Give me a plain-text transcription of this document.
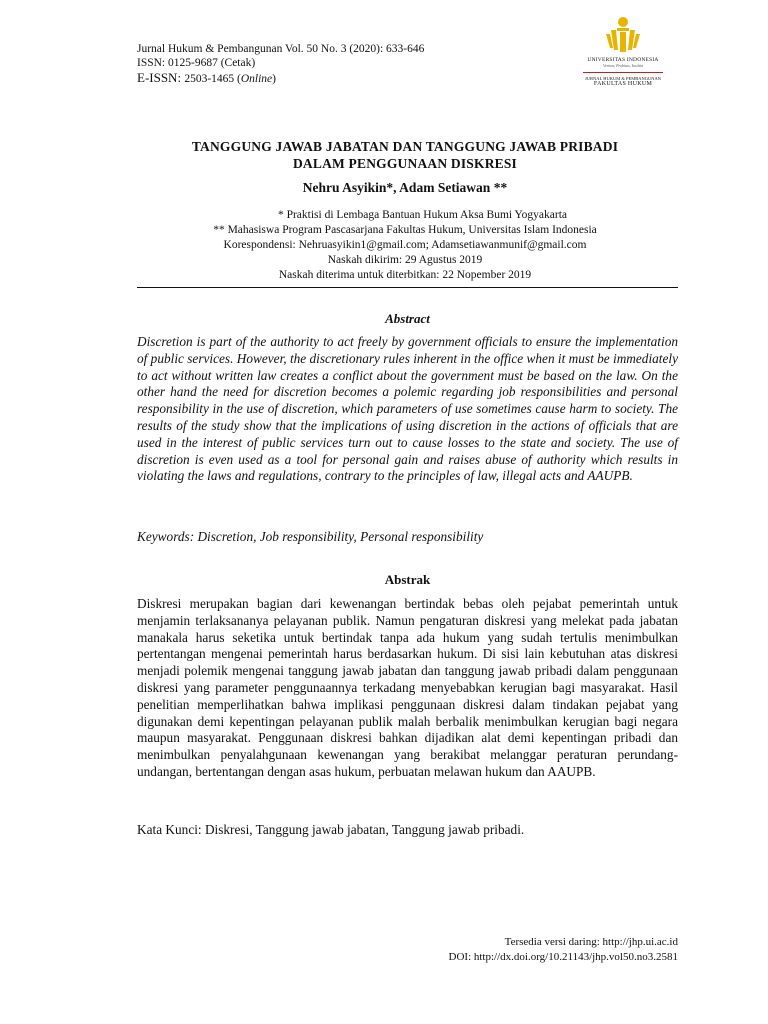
Jurnal Hukum & Pembangunan Vol. 50 No. 3 (2020): 633-646
ISSN: 0125-9687 (Cetak)
E-ISSN: 2503-1465 (Online)
UNIVERSITAS INDONESIA
Veritas, Probitas, Iustitia
JURNAL HUKUM & PEMBANGUNAN
FAKULTAS HUKUM
TANGGUNG JAWAB JABATAN DAN TANGGUNG JAWAB PRIBADI
DALAM PENGGUNAAN DISKRESI
Nehru Asyikin*, Adam Setiawan **
* Praktisi di Lembaga Bantuan Hukum Aksa Bumi Yogyakarta
** Mahasiswa Program Pascasarjana Fakultas Hukum, Universitas Islam Indonesia
Korespondensi: Nehruasyikin1@gmail.com; Adamsetiawanmunif@gmail.com
Naskah dikirim: 29 Agustus 2019
Naskah diterima untuk diterbitkan: 22 Nopember 2019
Abstract

Discretion is part of the authority to act freely by government officials to ensure the implementation of public services. However, the discretionary rules inherent in the office when it must be immediately to act without written law creates a conflict about the government must be based on the law. On the other hand the need for discretion becomes a polemic regarding job responsibilities and personal responsibility in the use of discretion, which parameters of use sometimes cause harm to society. The results of the study show that the implications of using discretion in the actions of officials that are used in the interest of public services turn out to cause losses to the state and society. The use of discretion is even used as a tool for personal gain and raises abuse of authority which results in violating the laws and regulations, contrary to the principles of law, illegal acts and AAUPB.

Keywords: Discretion, Job responsibility, Personal responsibility
Abstrak

Diskresi merupakan bagian dari kewenangan bertindak bebas oleh pejabat pemerintah untuk menjamin terlaksananya pelayanan publik. Namun pengaturan diskresi yang melekat pada jabatan manakala harus seketika untuk bertindak tanpa ada hukum yang sudah tertulis menimbulkan pertentangan mengenai pemerintah harus berdasarkan hukum. Di sisi lain kebutuhan atas diskresi menjadi polemik mengenai tanggung jawab jabatan dan tanggung jawab pribadi dalam penggunaan diskresi yang parameter penggunaannya terkadang menyebabkan kerugian bagi masyarakat. Hasil penelitian memperlihatkan bahwa implikasi penggunaan diskresi dalam tindakan pejabat yang digunakan demi kepentingan pelayanan publik malah berbalik menimbulkan kerugian bagi negara maupun masyarakat. Penggunaan diskresi bahkan dijadikan alat demi kepentingan pribadi dan menimbulkan penyalahgunaan kewenangan yang berakibat melanggar peraturan perundang-undangan, bertentangan dengan asas hukum, perbuatan melawan hukum dan AAUPB.

Kata Kunci: Diskresi, Tanggung jawab jabatan, Tanggung jawab pribadi.
Tersedia versi daring: http://jhp.ui.ac.id
DOI: http://dx.doi.org/10.21143/jhp.vol50.no3.2581
